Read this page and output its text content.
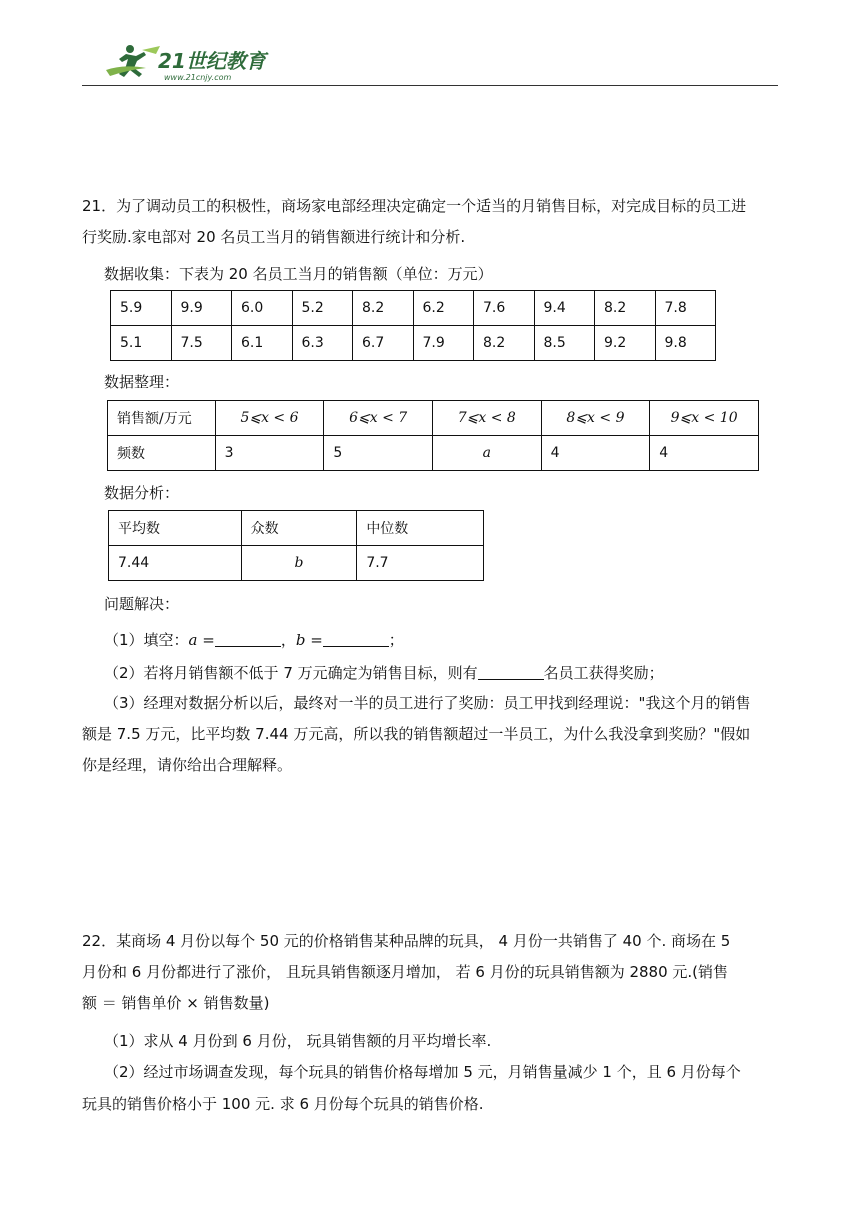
21世纪教育
www.21cnjy.com
21．为了调动员工的积极性，商场家电部经理决定确定一个适当的月销售目标，对完成目标的员工进
行奖励.家电部对 20 名员工当月的销售额进行统计和分析.
数据收集：下表为 20 名员工当月的销售额（单位：万元）
5.9	9.9	6.0	5.2	8.2	6.2	7.6	9.4	8.2	7.8
5.1	7.5	6.1	6.3	6.7	7.9	8.2	8.5	9.2	9.8
数据整理：
销售额/万元	5⩽x < 6	6⩽x < 7	7⩽x < 8	8⩽x < 9	9⩽x < 10
频数	3	5	a	4	4
数据分析：
平均数	众数	中位数
7.44	b	7.7
问题解决：
（1）填空：a =	，b =	；
（2）若将月销售额不低于 7 万元确定为销售目标，则有	名员工获得奖励；
（3）经理对数据分析以后，最终对一半的员工进行了奖励：员工甲找到经理说："我这个月的销售
额是 7.5 万元，比平均数 7.44 万元高，所以我的销售额超过一半员工，为什么我没拿到奖励？"假如
你是经理，请你给出合理解释。
22．某商场 4 月份以每个 50 元的价格销售某种品牌的玩具， 4 月份一共销售了 40 个. 商场在 5
月份和 6 月份都进行了涨价， 且玩具销售额逐月增加， 若 6 月份的玩具销售额为 2880 元.(销售
额 ＝ 销售单价 × 销售数量)
（1）求从 4 月份到 6 月份， 玩具销售额的月平均增长率.
（2）经过市场调查发现，每个玩具的销售价格每增加 5 元，月销售量减少 1 个，且 6 月份每个
玩具的销售价格小于 100 元. 求 6 月份每个玩具的销售价格.
